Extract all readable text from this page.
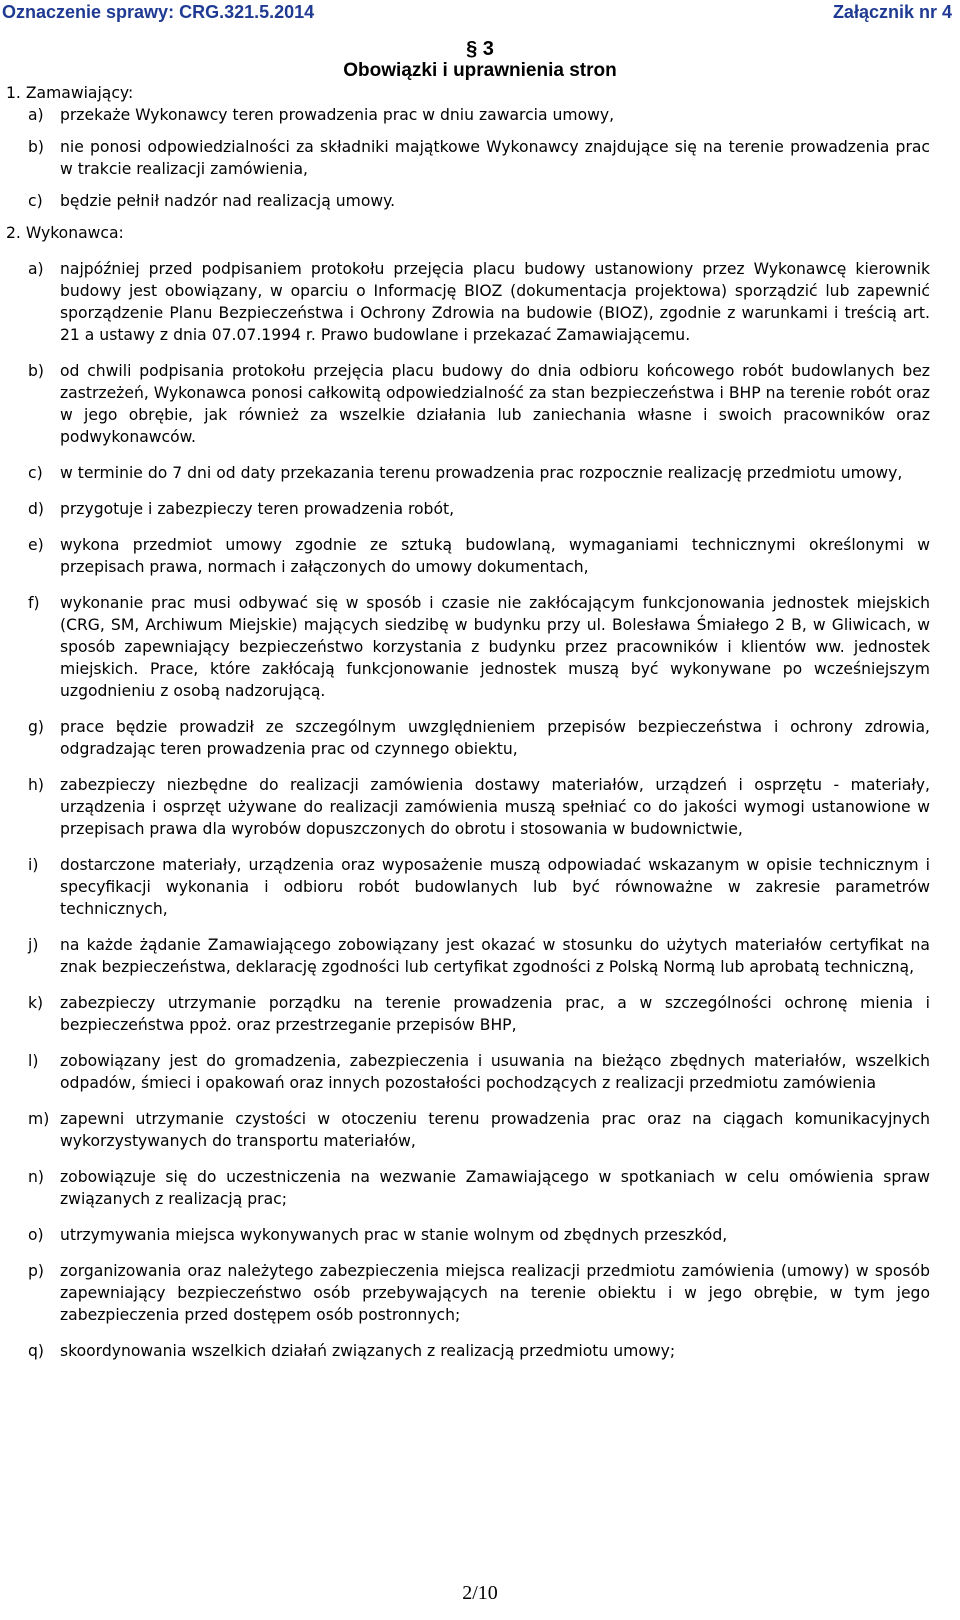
Oznaczenie sprawy: CRG.321.5.2014	Załącznik nr 4
§ 3
Obowiązki i uprawnienia stron
1. Zamawiający:
a) przekaże Wykonawcy teren prowadzenia prac w dniu zawarcia umowy,
b) nie ponosi odpowiedzialności za składniki majątkowe Wykonawcy znajdujące się na terenie prowadzenia prac w trakcie realizacji zamówienia,
c) będzie pełnił nadzór nad realizacją umowy.
2. Wykonawca:
a) najpóźniej przed podpisaniem protokołu przejęcia placu budowy ustanowiony przez Wykonawcę kierownik budowy jest obowiązany, w oparciu o Informację BIOZ (dokumentacja projektowa) sporządzić lub zapewnić sporządzenie Planu Bezpieczeństwa i Ochrony Zdrowia na budowie (BIOZ), zgodnie z warunkami i treścią art. 21 a ustawy z dnia 07.07.1994 r. Prawo budowlane i przekazać Zamawiającemu.
b) od chwili podpisania protokołu przejęcia placu budowy do dnia odbioru końcowego robót budowlanych bez zastrzeżeń, Wykonawca ponosi całkowitą odpowiedzialność za stan bezpieczeństwa i BHP na terenie robót oraz w jego obrębie, jak również za wszelkie działania lub zaniechania własne i swoich pracowników oraz podwykonawców.
c) w terminie do 7 dni od daty przekazania terenu prowadzenia prac rozpocznie realizację przedmiotu umowy,
d) przygotuje i zabezpieczy teren prowadzenia robót,
e) wykona przedmiot umowy zgodnie ze sztuką budowlaną, wymaganiami technicznymi określonymi w przepisach prawa, normach i załączonych do umowy dokumentach,
f) wykonanie prac musi odbywać się w sposób i czasie nie zakłócającym funkcjonowania jednostek miejskich (CRG, SM, Archiwum Miejskie) mających siedzibę w budynku przy ul. Bolesława Śmiałego 2 B, w Gliwicach, w sposób zapewniający bezpieczeństwo korzystania z budynku przez pracowników i klientów ww. jednostek miejskich. Prace, które zakłócają funkcjonowanie jednostek muszą być wykonywane po wcześniejszym uzgodnieniu z osobą nadzorującą.
g) prace będzie prowadził ze szczególnym uwzględnieniem przepisów bezpieczeństwa i ochrony zdrowia, odgradzając teren prowadzenia prac od czynnego obiektu,
h) zabezpieczy niezbędne do realizacji zamówienia dostawy materiałów, urządzeń i osprzętu - materiały, urządzenia i osprzęt używane do realizacji zamówienia muszą spełniać co do jakości wymogi ustanowione w przepisach prawa dla wyrobów dopuszczonych do obrotu i stosowania w budownictwie,
i) dostarczone materiały, urządzenia oraz wyposażenie muszą odpowiadać wskazanym w opisie technicznym i specyfikacji wykonania i odbioru robót budowlanych lub być równoważne w zakresie parametrów technicznych,
j) na każde żądanie Zamawiającego zobowiązany jest okazać w stosunku do użytych materiałów certyfikat na znak bezpieczeństwa, deklarację zgodności lub certyfikat zgodności z Polską Normą lub aprobatą techniczną,
k) zabezpieczy utrzymanie porządku na terenie prowadzenia prac, a w szczególności ochronę mienia i bezpieczeństwa ppoż. oraz przestrzeganie przepisów BHP,
l) zobowiązany jest do gromadzenia, zabezpieczenia i usuwania na bieżąco zbędnych materiałów, wszelkich odpadów, śmieci i opakowań oraz innych pozostałości pochodzących z realizacji przedmiotu zamówienia
m) zapewni utrzymanie czystości w otoczeniu terenu prowadzenia prac oraz na ciągach komunikacyjnych wykorzystywanych do transportu materiałów,
n) zobowiązuje się do uczestniczenia na wezwanie Zamawiającego w spotkaniach w celu omówienia spraw związanych z realizacją prac;
o) utrzymywania miejsca wykonywanych prac w stanie wolnym od zbędnych przeszkód,
p) zorganizowania oraz należytego zabezpieczenia miejsca realizacji przedmiotu zamówienia (umowy) w sposób zapewniający bezpieczeństwo osób przebywających na terenie obiektu i w jego obrębie, w tym jego zabezpieczenia przed dostępem osób postronnych;
q) skoordynowania wszelkich działań związanych z realizacją przedmiotu umowy;
2/10
